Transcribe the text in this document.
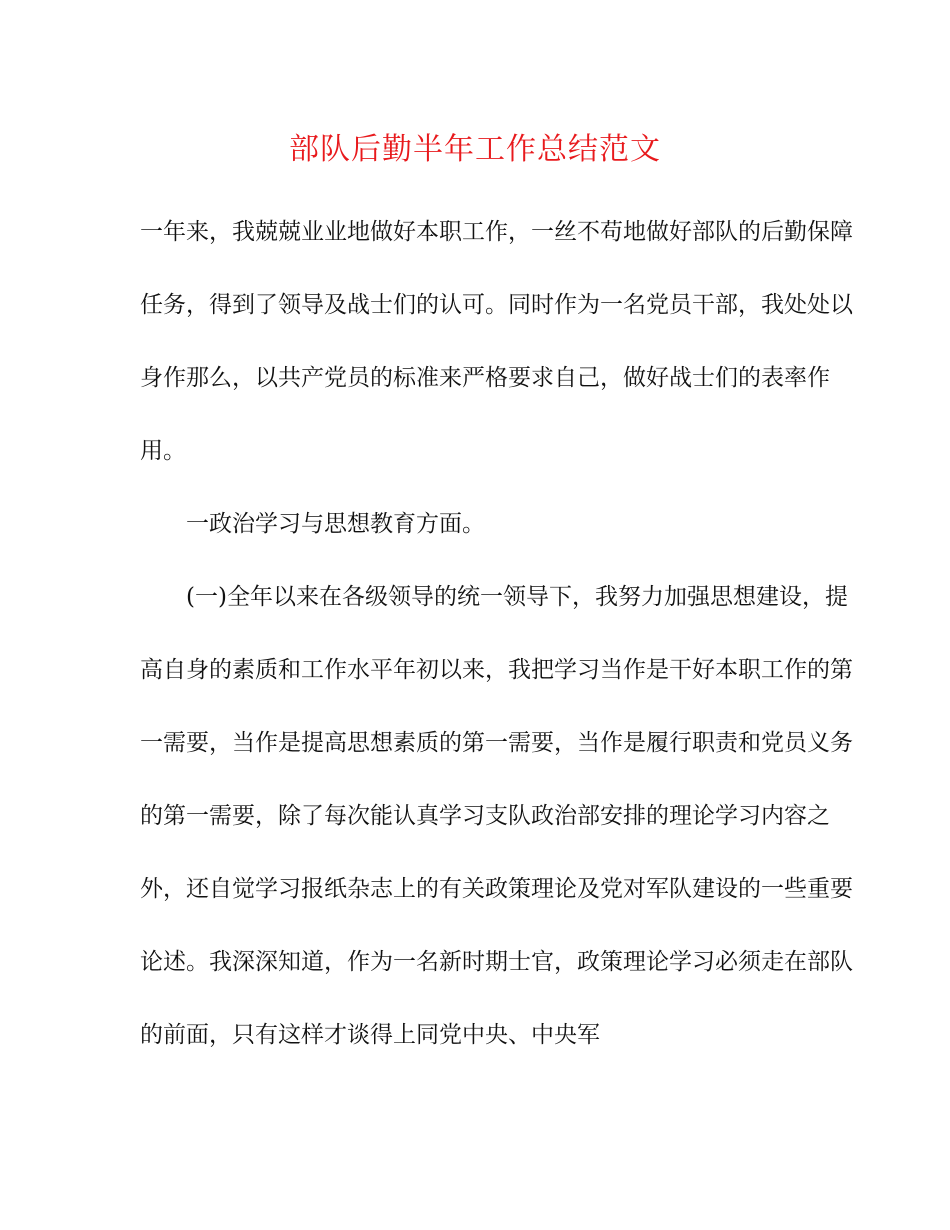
部队后勤半年工作总结范文

一年来，我兢兢业业地做好本职工作，一丝不苟地做好部队的后勤保障

任务，得到了领导及战士们的认可。同时作为一名党员干部，我处处以

身作那么，以共产党员的标准来严格要求自己，做好战士们的表率作

用。

一政治学习与思想教育方面。

(一)全年以来在各级领导的统一领导下，我努力加强思想建设，提

高自身的素质和工作水平年初以来，我把学习当作是干好本职工作的第

一需要，当作是提高思想素质的第一需要，当作是履行职责和党员义务

的第一需要，除了每次能认真学习支队政治部安排的理论学习内容之

外，还自觉学习报纸杂志上的有关政策理论及党对军队建设的一些重要

论述。我深深知道，作为一名新时期士官，政策理论学习必须走在部队

的前面，只有这样才谈得上同党中央、中央军
